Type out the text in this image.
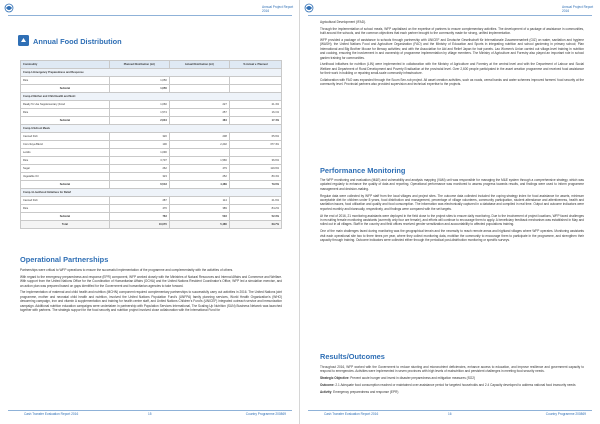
Annual Project Report 2016
Annual Food Distribution
Commodity	Planned Distribution (mt)	Actual Distribution (mt)	% Actual v. Planned
Comp.1-Emergency Preparedness and Response			
Rice	1,050		
Subtotal	1,050		
Comp.2-Mother and Child Health and Nutri			
Ready To Use Supplementary (Food	1,060	227	21.4%
Rice	1,574	257	16.1%
Subtotal	2,634	484	17.4%
Comp.3-School Meals			
Canned Fish	320	208	65.9%
Corn-Soya Blend	100	2,202	377.4%
Lentils	1,090		
Rice	3,707	1,566	36.6%
Sugar	262	479	119.9%
Vegetable Oil	323	252	80.4%
Subtotal	6,543	4,489	79.0%
Comp.4-Livelihood Initiatives for Relief			
Canned Fish	287	114	21.6%
Rice	476	389	84.2%
Subtotal	763	503	52.3%
Total	10,070	5,486	69.7%
Operational Partnerships

Partnerships were critical to WFP operations to ensure the successful implementation of the programme and complementarity with the activities of others.

With regard to the emergency preparedness and response (EPR) component, WFP worked closely with the Ministries of Natural Resources and Internal Affairs and Commerce and Welfare. With support from the United Nations Office for the Coordination of Humanitarian Affairs (OCHA) and the United Nations Resident Coordinator's Office, WFP led a simulation exercise, and an action plan was prepared based on gaps identified for the Government and humanitarian agencies to take forward.

The implementation of maternal and child health and nutrition (MCHN) component required complementary partnerships to successfully carry out activities in 2016. The United Nations joint programme, mother and neonatal child health and nutrition, involved the United Nations Population Fund's (UNFPA) family planning services, World Health Organization's (WHO) deworming campaign, iron and vitamin A supplementation and training for health centre staff, and United Nations Children's Fund's (UNICEF) integrated outreach service and immunization campaign. Additional nutrition education campaigns were undertaken in partnership with Population Services International, The Scaling Up Nutrition (SUN) Business Network was launched together with partners. The strategic support for the food security and nutrition project involved close collaboration with the International Fund for

Cash Transfer Evaluation Report 2016	15	Country Programme 200869
Annual Project Report 2016

Agricultural Development (IFAD).

Through the implementation of school meals, WFP capitalised on the expertise of partners to ensure complementary activities. The development of a package of assistance in communities, built around the schools, and the common objectives that each partner brought to the community made for strong, unified implementation.

WFP provided a package of assistance to schools through partnership with UNICEF and Deutsche Gesellschaft für Internationale Zusammenarbeit (GIZ) on water, sanitation and hygiene (WASH); the United Nations Food and Agriculture Organization (FAO) and the Ministry of Education and Sports in integrating nutrition and school gardening in primary school; Plan International and Big Brother Mouse for literacy activities; and with the Association for Aid and Relief Japan for hair panels. Lao Women's Union carried out village-level training in nutrition and cooking, ensuring the involvement in and ownership of programme implementation by village members. The Ministry of Agriculture and Forestry also played an important role in school garden training for communities.

Livelihood initiatives for nutrition (LIN) were implemented in collaboration with the Ministry of Agriculture and Forestry at the central level and with the Department of Labour and Social Welfare and Department of Rural Development and Poverty Eradication at the provincial level. Over 2,600 people participated in the asset creation programme and received food assistance for their work in building or repairing small-scale community infrastructure.

Collaboration with FAO was expanded through the Scum Sen-rub project. All asset creation activities, such as roads, cereal banks and water schemes improved farmers' food security at the community level. Provincial partners also provided supervision and technical expertise to the projects.

Performance Monitoring

The WFP monitoring and evaluation (M&E) and vulnerability and analysis mapping (VAM) unit was responsible for managing the M&E system through a comprehensive strategy, which was updated regularly to enhance the quality of data and reporting. Operational performance was monitored to assess progress towards results, and findings were used to inform programme management and decision-making.

Regular data were collected by WFP staff from the local villages and project sites. The outcome data collected included the coping strategy index for food assistance for assets, minimum acceptable diet for children under 5 years, food distribution and management, percentage of village volunteers, community participation, student attendance and attentiveness, health and sanitation issues, food utilization and quality and food consumption. The information was electronically captured in a database and compiled in real time. Output and outcome indicators were reported monthly and biannually, respectively, and findings were compared with the set targets.

At the end of 2016, 21 monitoring assistants were deployed in the field close to the project sites to ensure daily monitoring. Due to the involvement of project locations, WFP faced challenges in recruiting female monitoring assistants (currently only four are female), and efforts will continue to encourage them to apply. A beneficiary feedback mechanism was established in May and rolled out in all villages. Staff in the country and field offices received gender sensitization and accountability to affected populations training.

One of the main challenges faced during monitoring was the geographical terrain and the necessity to reach remote areas and highland villages where WFP operates. Monitoring assistants visit each operational site two to three times per year, where they collect monitoring data, mobilise the community to encourage them to participate in the programme, and strengthen their capacity through training. Outcome indicators were collected either through the periodical post-distribution monitoring or specific surveys.

Results/Outcomes

Throughout 2016, WFP worked with the Government to reduce stunting and micronutrient deficiencies, enhance access to education, and improve resilience and government capacity to respond to emergencies. Activities were implemented in seven provinces with high levels of malnutrition and persistent challenges in meeting food security needs.

Strategic Objective: Prevent acute hunger and invest in disaster preparedness and mitigation measures (SO2)

Outcome: 2.1 Adequate food consumption reached or maintained over assistance period for targeted households and 2.4 Capacity developed to address national food insecurity needs

Activity: Emergency preparedness and response (EPR)

Cash Transfer Evaluation Report 2016	16	Country Programme 200869
